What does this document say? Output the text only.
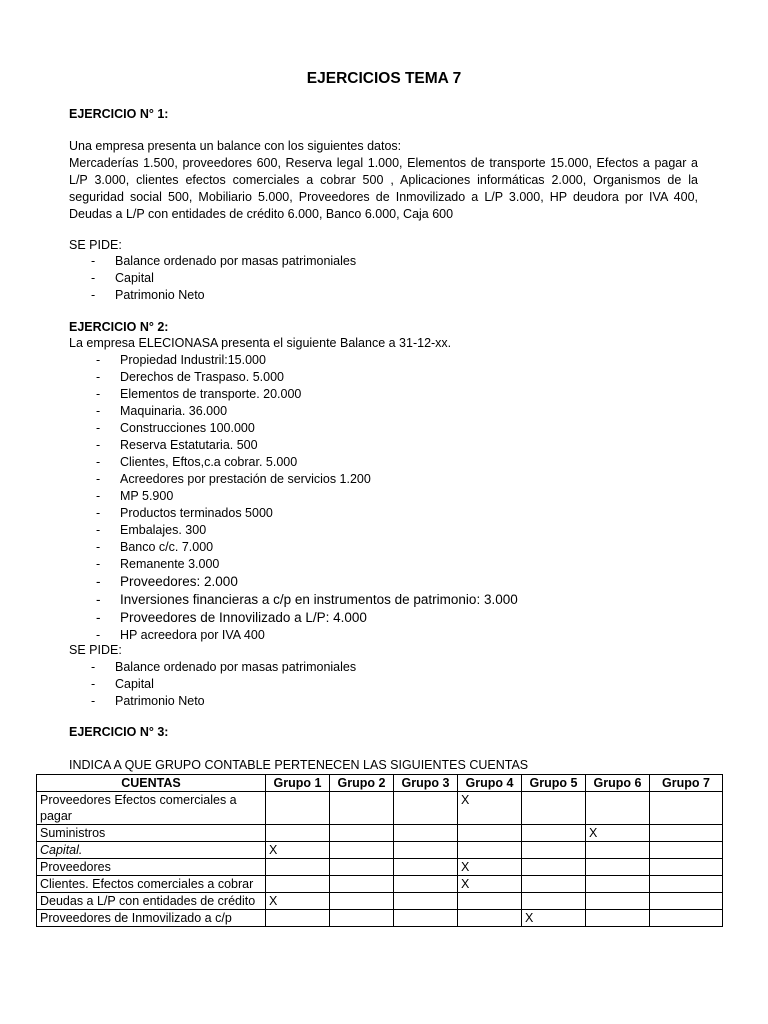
EJERCICIOS TEMA 7
EJERCICIO N° 1:
Una empresa presenta un balance con los siguientes datos:
Mercaderías 1.500, proveedores 600, Reserva legal 1.000, Elementos de transporte 15.000, Efectos a pagar a L/P 3.000, clientes efectos comerciales a cobrar 500 , Aplicaciones informáticas 2.000, Organismos de la seguridad social 500, Mobiliario 5.000, Proveedores de Inmovilizado a L/P 3.000, HP deudora por IVA 400, Deudas a L/P con entidades de crédito 6.000, Banco 6.000, Caja 600
SE PIDE:
- Balance ordenado por masas patrimoniales
- Capital
- Patrimonio Neto
EJERCICIO N° 2:
La empresa ELECIONASA presenta el siguiente Balance a 31-12-xx.
- Propiedad Industril:15.000
- Derechos de Traspaso. 5.000
- Elementos de transporte. 20.000
- Maquinaria. 36.000
- Construcciones 100.000
- Reserva Estatutaria. 500
- Clientes, Eftos,c.a cobrar. 5.000
- Acreedores por prestación de servicios 1.200
- MP 5.900
- Productos terminados 5000
- Embalajes. 300
- Banco c/c. 7.000
- Remanente 3.000
- Proveedores: 2.000
- Inversiones financieras a c/p en instrumentos de patrimonio: 3.000
- Proveedores de Innovilizado a L/P: 4.000
- HP acreedora por IVA 400
SE PIDE:
- Balance ordenado por masas patrimoniales
- Capital
- Patrimonio Neto
EJERCICIO N° 3:
INDICA A QUE GRUPO CONTABLE PERTENECEN LAS SIGUIENTES CUENTAS
CUENTAS	Grupo 1	Grupo 2	Grupo 3	Grupo 4	Grupo 5	Grupo 6	Grupo 7
Proveedores Efectos comerciales a pagar				X			
Suministros						X	
Capital.	X						
Proveedores				X			
Clientes. Efectos comerciales a cobrar				X			
Deudas a L/P con entidades de crédito	X						
Proveedores de Inmovilizado a c/p					X		
